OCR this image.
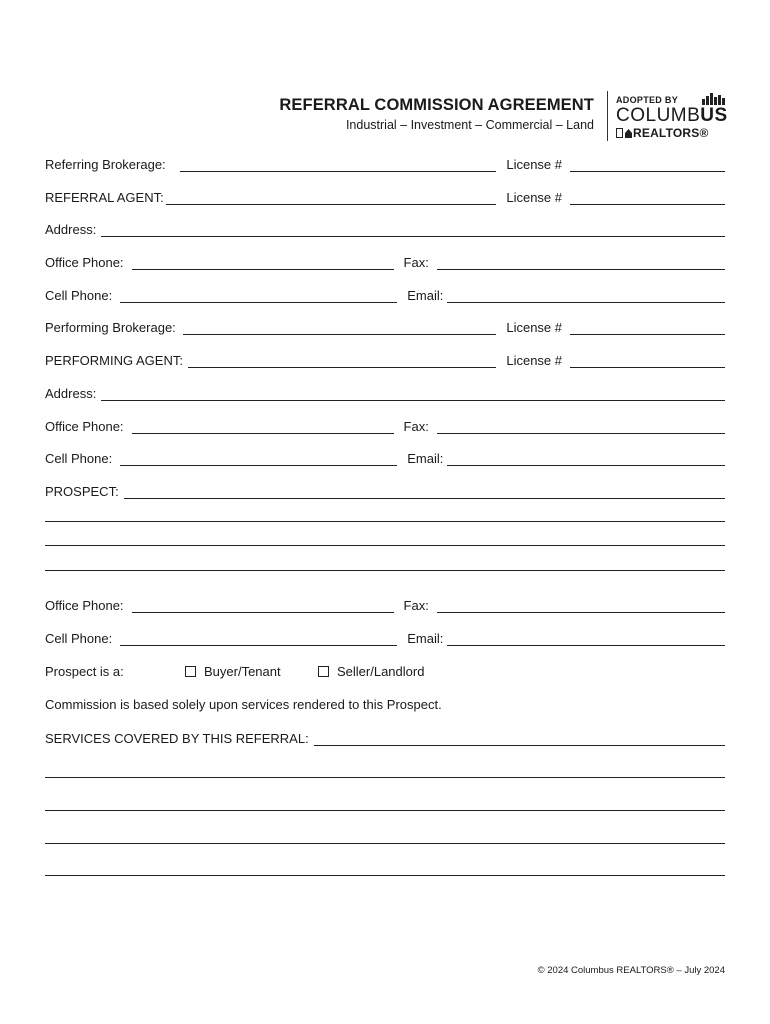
REFERRAL COMMISSION AGREEMENT
Industrial – Investment – Commercial – Land
ADOPTED BY
COLUMBUS
REALTORS®
Referring Brokerage:	License #
REFERRAL AGENT:	License #
Address:
Office Phone:	Fax:
Cell Phone:	Email:
Performing Brokerage:	License #
PERFORMING AGENT:	License #
Address:
Office Phone:	Fax:
Cell Phone:	Email:
PROSPECT:
Office Phone:	Fax:
Cell Phone:	Email:
Prospect is a:	Buyer/Tenant	Seller/Landlord
Commission is based solely upon services rendered to this Prospect.
SERVICES COVERED BY THIS REFERRAL:
© 2024 Columbus REALTORS® – July 2024
